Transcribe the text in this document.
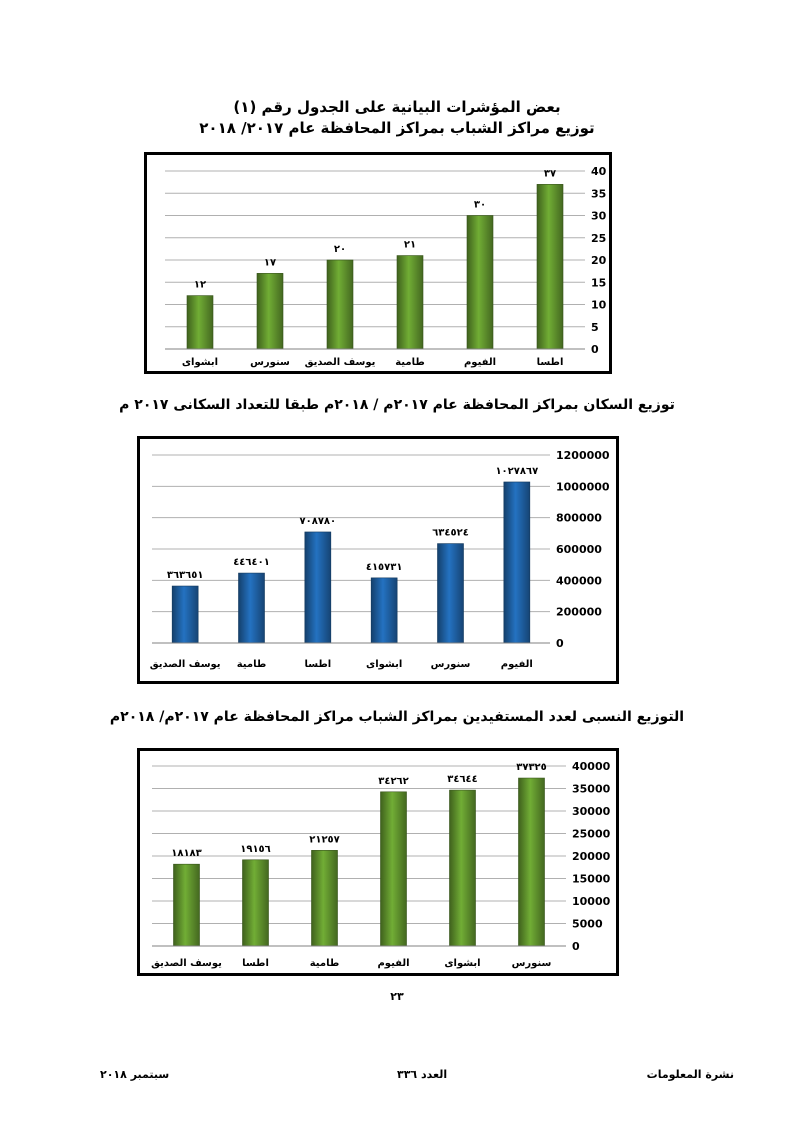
بعض المؤشرات البيانية على الجدول رقم (١)
توزيع مراكز الشباب بمراكز المحافظة عام ٢٠١٧/ ٢٠١٨
0
5
10
15
20
25
30
35
40
٣٧
اطسا
٣٠
الفيوم
٢١
طامية
٢٠
يوسف الصديق
١٧
سنورس
١٢
ابشواى
توزيع السكان بمراكز المحافظة عام ٢٠١٧م / ٢٠١٨م طبقا للتعداد السكانى ٢٠١٧ م
0
200000
400000
600000
800000
1000000
1200000
١٠٢٧٨٦٧
الفيوم
٦٣٤٥٢٤
سنورس
٤١٥٧٣١
ابشواى
٧٠٨٧٨٠
اطسا
٤٤٦٤٠١
طامية
٣٦٣٦٥١
يوسف الصديق
التوزيع النسبى لعدد المستفيدين بمراكز الشباب مراكز المحافظة عام ٢٠١٧م/ ٢٠١٨م
0
5000
10000
15000
20000
25000
30000
35000
40000
٣٧٣٢٥
سنورس
٣٤٦٤٤
ابشواى
٣٤٢٦٢
الفيوم
٢١٢٥٧
طامية
١٩١٥٦
اطسا
١٨١٨٣
يوسف الصديق
٢٣
نشرة المعلومات
العدد ٣٣٦
سبتمبر ٢٠١٨
